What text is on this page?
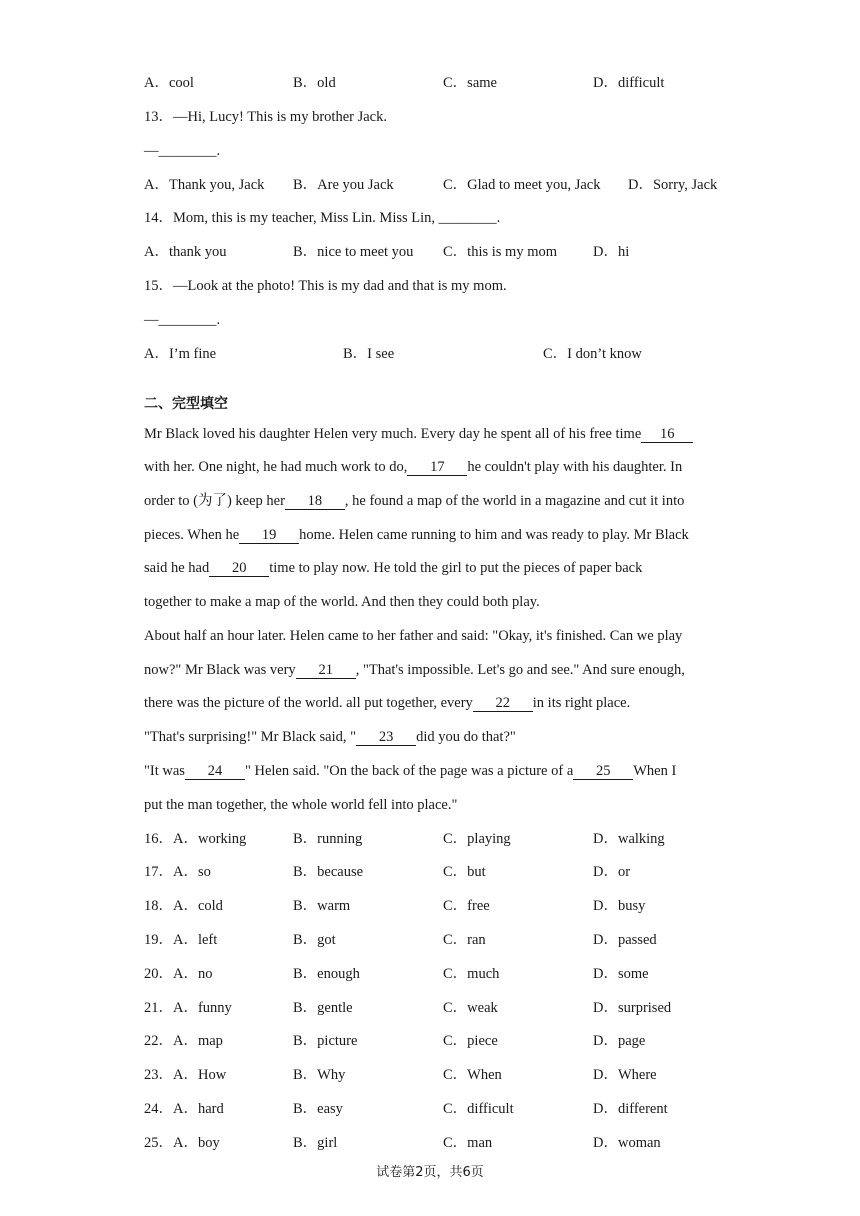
A．cool	B．old	C．same	D．difficult
13．—Hi, Lucy! This is my brother Jack.
—________.
A．Thank you, Jack B．Are you Jack	C．Glad to meet you, Jack D．Sorry, Jack
14．Mom, this is my teacher, Miss Lin. Miss Lin, ________.
A．thank you	B．nice to meet you C．this is my mom D．hi
15．—Look at the photo! This is my dad and that is my mom.
—________.
A．I’m fine	B．I see	C．I don’t know
二、完型填空
Mr Black loved his daughter Helen very much. Every day he spent all of his free time 16
with her. One night, he had much work to do, 17 he couldn't play with his daughter. In
order to (为了) keep her 18 , he found a map of the world in a magazine and cut it into
pieces. When he 19 home. Helen came running to him and was ready to play. Mr Black
said he had 20 time to play now. He told the girl to put the pieces of paper back
together to make a map of the world. And then they could both play.
About half an hour later. Helen came to her father and said: "Okay, it's finished. Can we play
now?" Mr Black was very 21 , "That's impossible. Let's go and see." And sure enough,
there was the picture of the world. all put together, every 22 in its right place.
"That's surprising!" Mr Black said, " 23 did you do that?"
"It was 24 " Helen said. "On the back of the page was a picture of a 25 When I
put the man together, the whole world fell into place."
16．A．working	B．running	C．playing	D．walking
17．A．so	B．because	C．but	D．or
18．A．cold	B．warm	C．free	D．busy
19．A．left	B．got	C．ran	D．passed
20．A．no	B．enough	C．much	D．some
21．A．funny	B．gentle	C．weak	D．surprised
22．A．map	B．picture	C．piece	D．page
23．A．How	B．Why	C．When	D．Where
24．A．hard	B．easy	C．difficult	D．different
25．A．boy	B．girl	C．man	D．woman
试卷第2页，共6页
